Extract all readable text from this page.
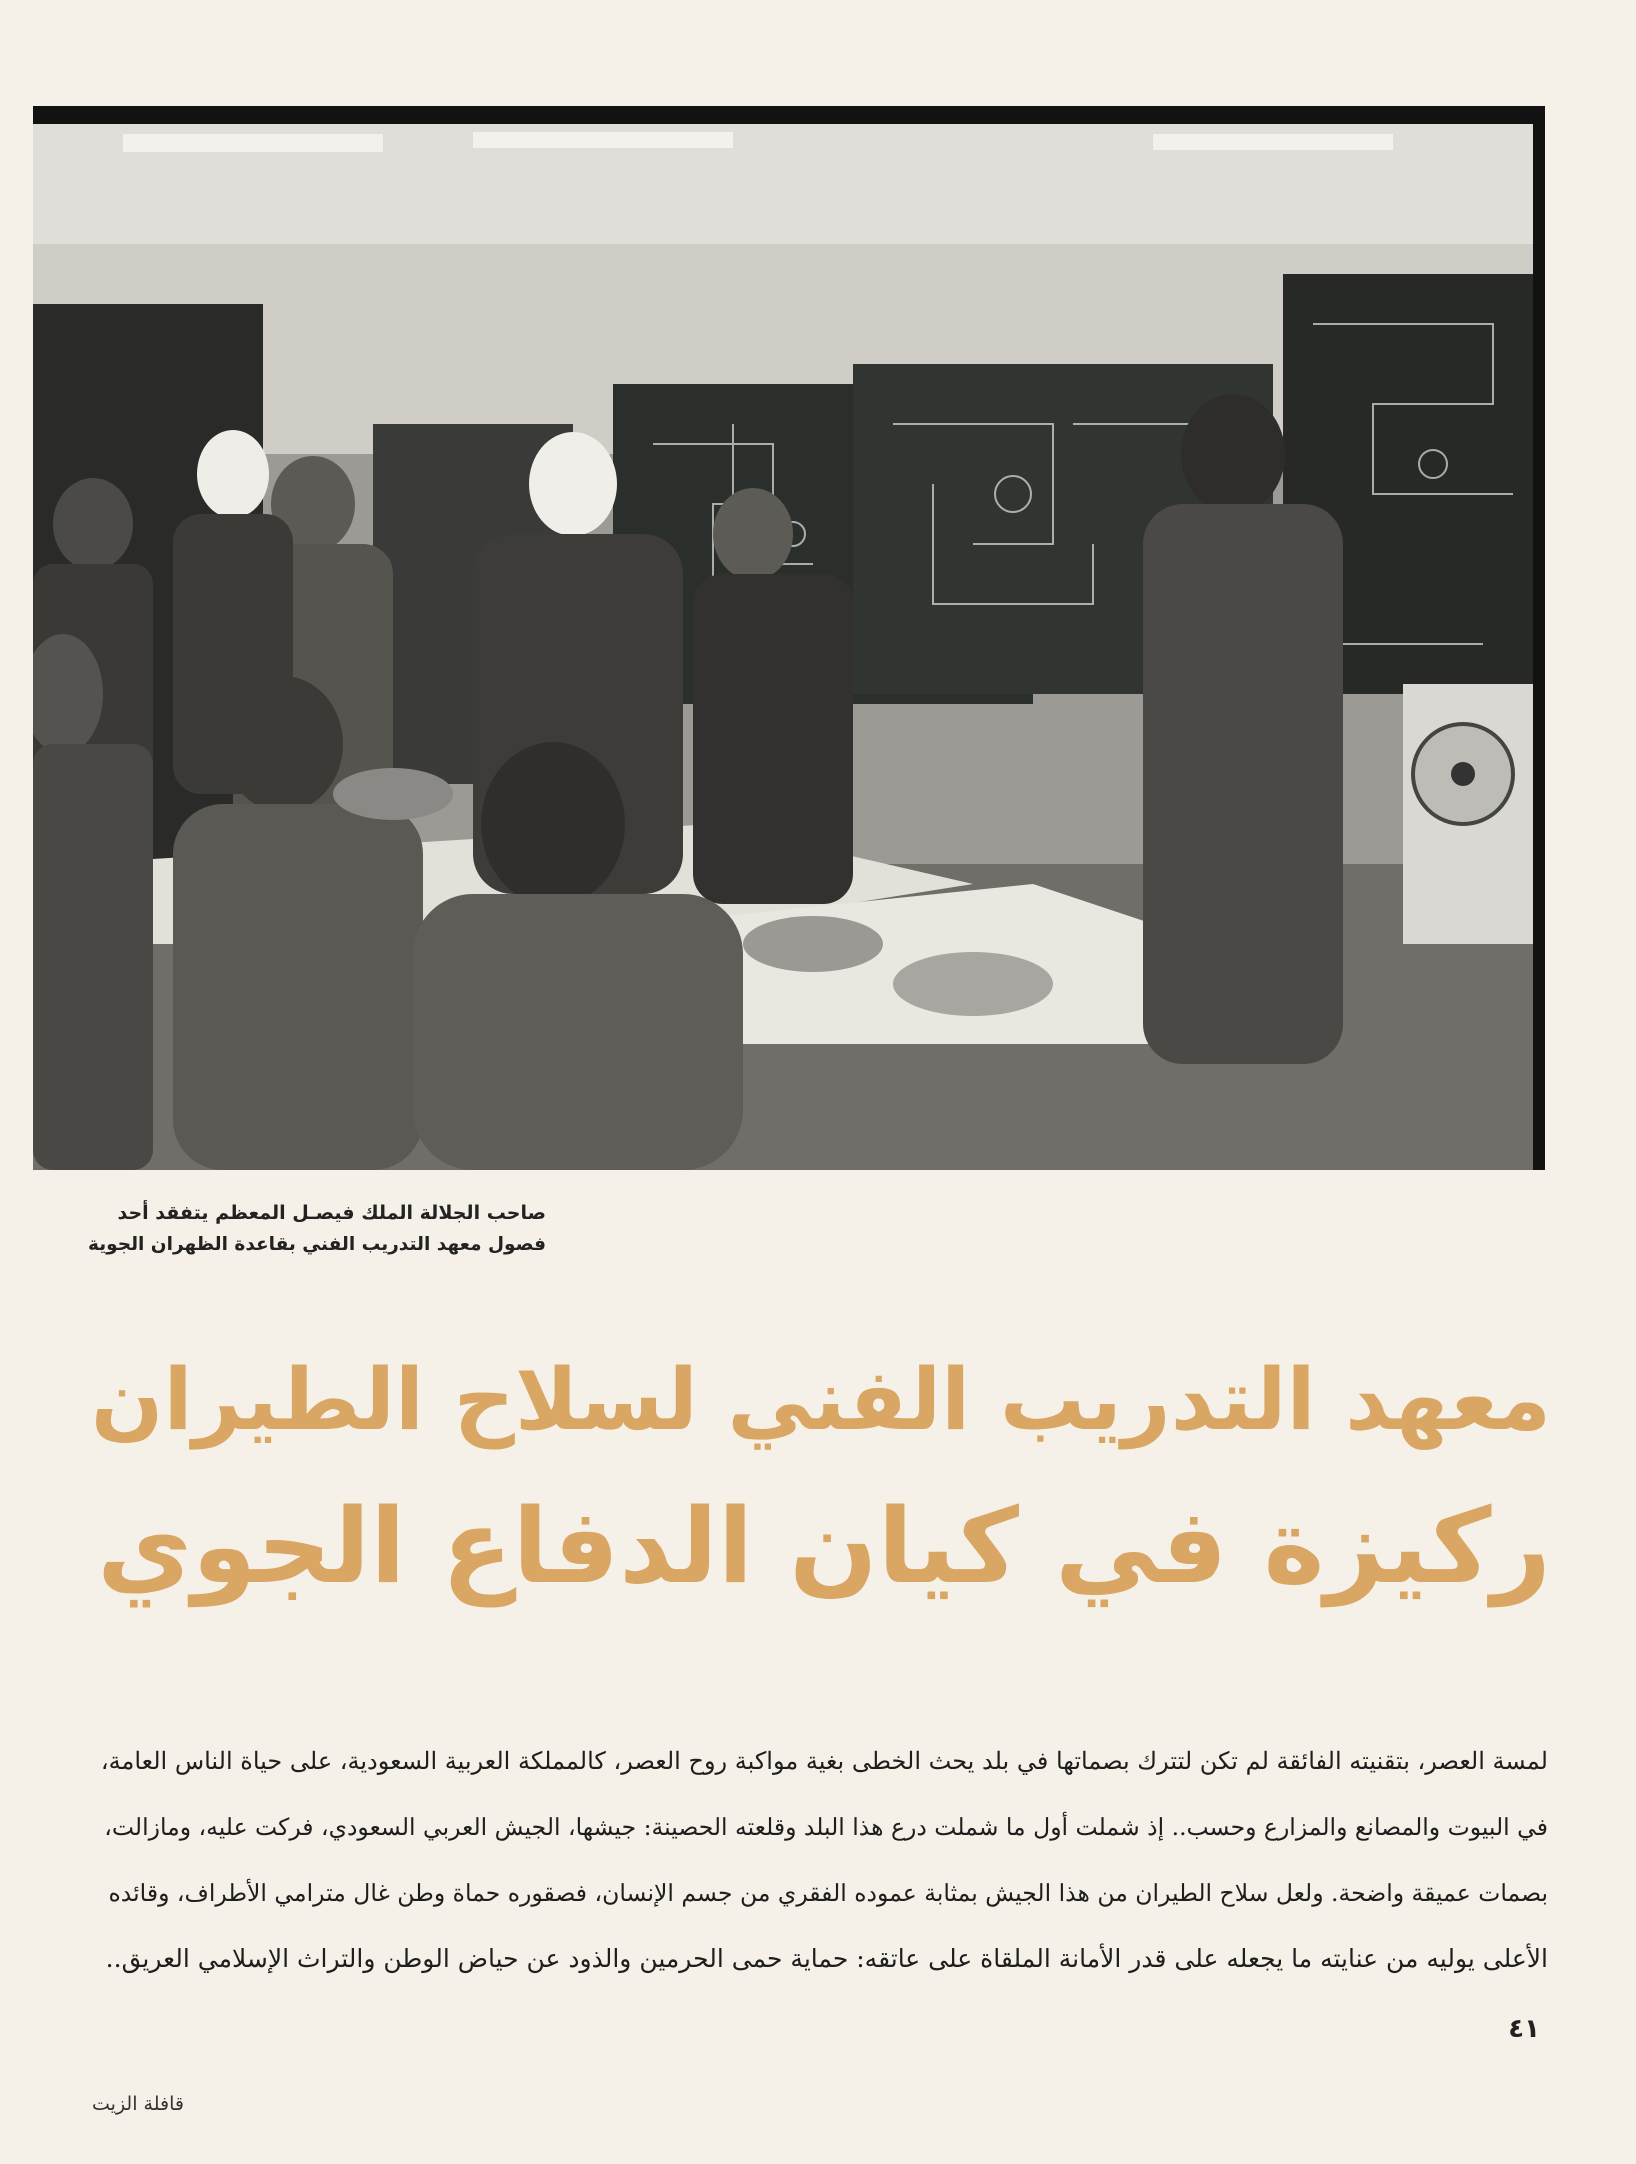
صاحب الجلالة الملك فيصـل المعظم يتفقد أحد
فصول معهد التدريب الفني بقاعدة الظهران الجوية
معهد التدريب الفني لسلاح الطيران
ركيزة في كيان الدفاع الجوي
لمسة العصر، بتقنيته الفائقة لم تكن لتترك بصماتها في بلد يحث الخطى بغية مواكبة روح العصر، كالمملكة العربية السعودية، على حياة الناس العامة،
في البيوت والمصانع والمزارع وحسب.. إذ شملت أول ما شملت درع هذا البلد وقلعته الحصينة: جيشها، الجيش العربي السعودي، فركت عليه، ومازالت،
بصمات عميقة واضحة. ولعل سلاح الطيران من هذا الجيش بمثابة عموده الفقري من جسم الإنسان، فصقوره حماة وطن غال مترامي الأطراف، وقائده
الأعلى يوليه من عنايته ما يجعله على قدر الأمانة الملقاة على عاتقه: حماية حمى الحرمين والذود عن حياض الوطن والتراث الإسلامي العريق..
٤١
قافلة الزيت
